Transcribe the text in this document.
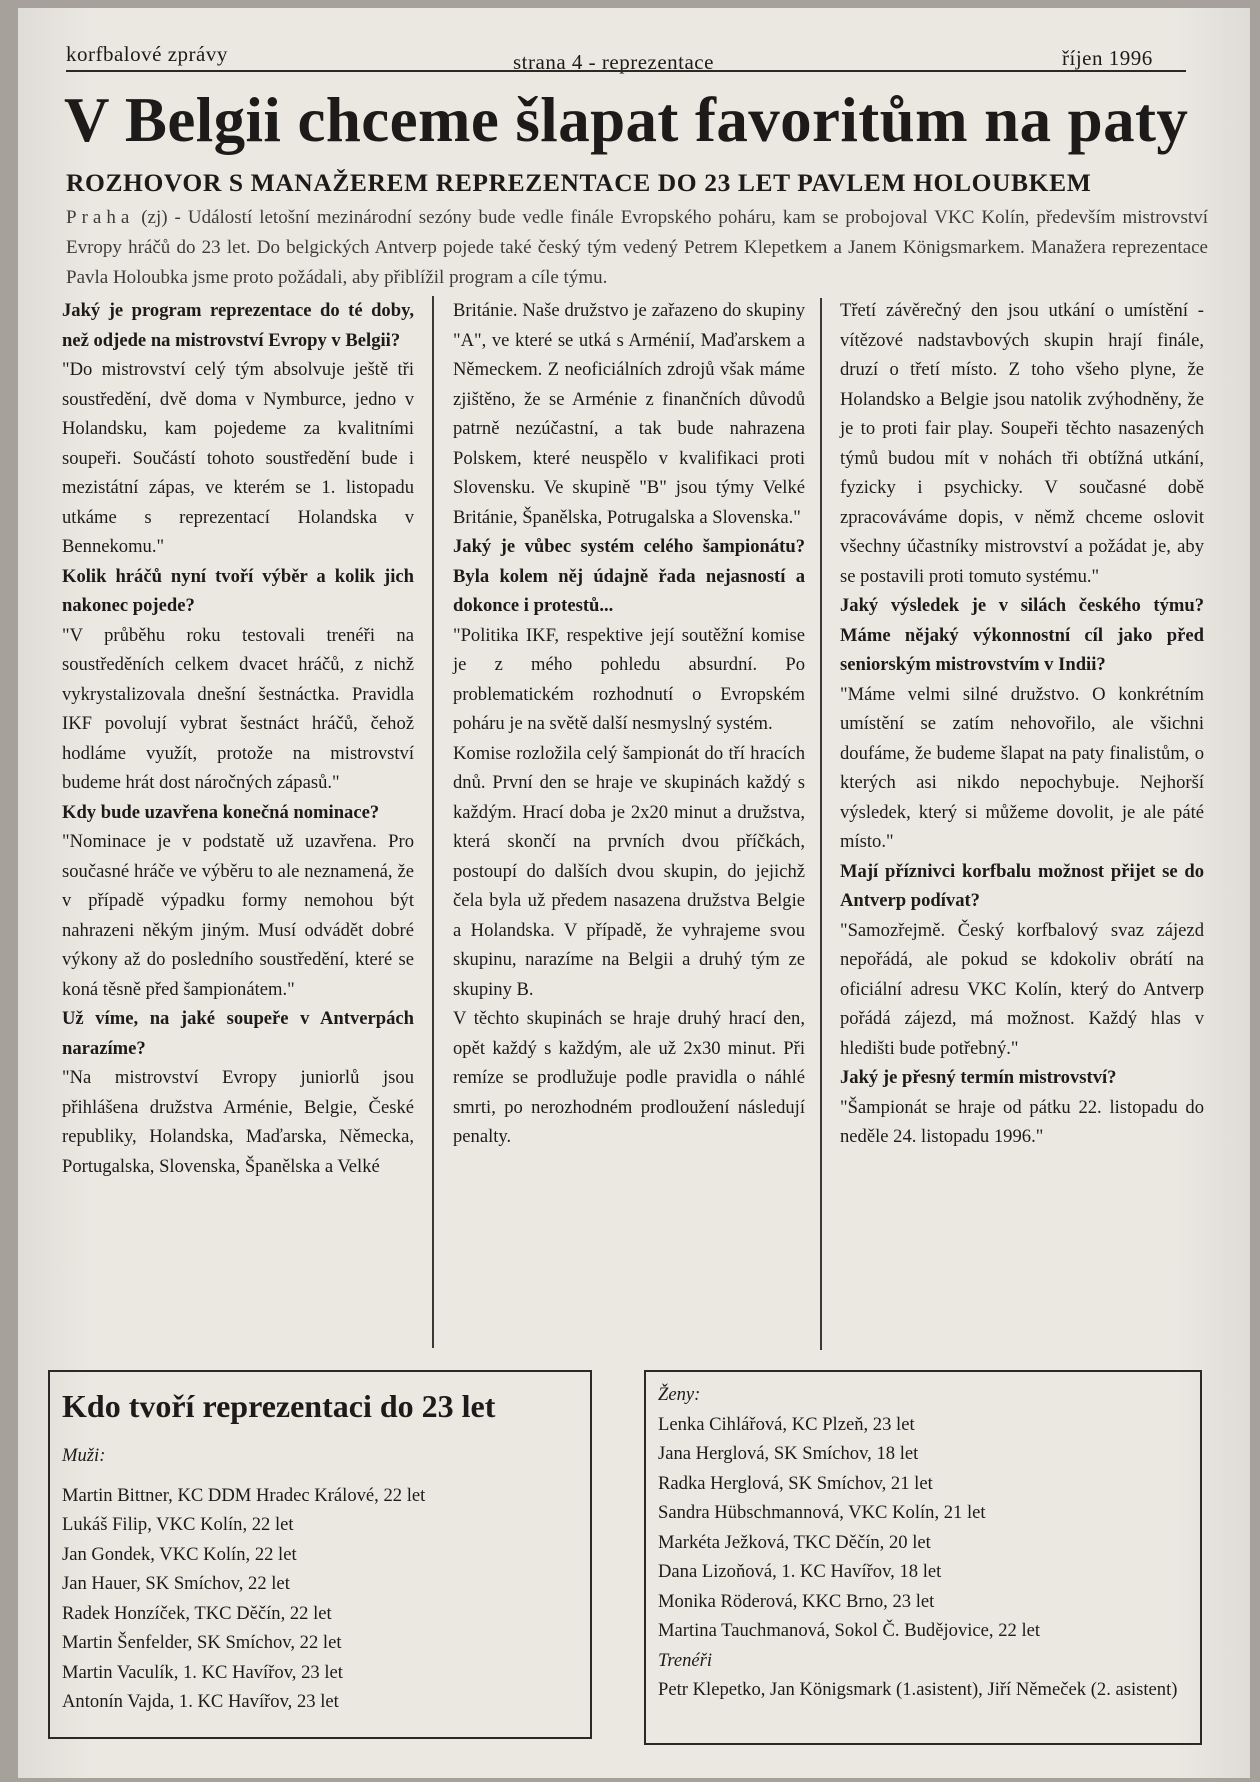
korfbalové zprávy	strana 4 - reprezentace	říjen 1996
V Belgii chceme šlapat favoritům na paty
ROZHOVOR S MANAŽEREM REPREZENTACE DO 23 LET PAVLEM HOLOUBKEM
Praha (zj) - Událostí letošní mezinárodní sezóny bude vedle finále Evropského poháru, kam se probojoval VKC Kolín, především mistrovství Evropy hráčů do 23 let. Do belgických Antverp pojede také český tým vedený Petrem Klepetkem a Janem Königsmarkem. Manažera reprezentace Pavla Holoubka jsme proto požádali, aby přiblížil program a cíle týmu.

Jaký je program reprezentace do té doby, než odjede na mistrovství Evropy v Belgii?

"Do mistrovství celý tým absolvuje ještě tři soustředění, dvě doma v Nymburce, jedno v Holandsku, kam pojedeme za kvalitními soupeři. Součástí tohoto soustředění bude i mezistátní zápas, ve kterém se 1. listopadu utkáme s reprezentací Holandska v Bennekomu."

Kolik hráčů nyní tvoří výběr a kolik jich nakonec pojede?

"V průběhu roku testovali trenéři na soustředěních celkem dvacet hráčů, z nichž vykrystalizovala dnešní šestnáctka. Pravidla IKF povolují vybrat šestnáct hráčů, čehož hodláme využít, protože na mistrovství budeme hrát dost náročných zápasů."

Kdy bude uzavřena konečná nominace?

"Nominace je v podstatě už uzavřena. Pro současné hráče ve výběru to ale neznamená, že v případě výpadku formy nemohou být nahrazeni někým jiným. Musí odvádět dobré výkony až do posledního soustředění, které se koná těsně před šampionátem."

Už víme, na jaké soupeře v Antverpách narazíme?

"Na mistrovství Evropy juniorlů jsou přihlášena družstva Arménie, Belgie, České republiky, Holandska, Maďarska, Německa, Portugalska, Slovenska, Španělska a Velké

Británie. Naše družstvo je zařazeno do skupiny "A", ve které se utká s Arménií, Maďarskem a Německem. Z neoficiálních zdrojů však máme zjištěno, že se Arménie z finančních důvodů patrně nezúčastní, a tak bude nahrazena Polskem, které neuspělo v kvalifikaci proti Slovensku. Ve skupině "B" jsou týmy Velké Británie, Španělska, Potrugalska a Slovenska."

Jaký je vůbec systém celého šampionátu? Byla kolem něj údajně řada nejasností a dokonce i protestů...

"Politika IKF, respektive její soutěžní komise je z mého pohledu absurdní. Po problematickém rozhodnutí o Evropském poháru je na světě další nesmyslný systém.

Komise rozložila celý šampionát do tří hracích dnů. První den se hraje ve skupinách každý s každým. Hrací doba je 2x20 minut a družstva, která skončí na prvních dvou příčkách, postoupí do dalších dvou skupin, do jejichž čela byla už předem nasazena družstva Belgie a Holandska. V případě, že vyhrajeme svou skupinu, narazíme na Belgii a druhý tým ze skupiny B.

V těchto skupinách se hraje druhý hrací den, opět každý s každým, ale už 2x30 minut. Při remíze se prodlužuje podle pravidla o náhlé smrti, po nerozhodném prodloužení následují penalty.

Třetí závěrečný den jsou utkání o umístění - vítězové nadstavbových skupin hrají finále, druzí o třetí místo. Z toho všeho plyne, že Holandsko a Belgie jsou natolik zvýhodněny, že je to proti fair play. Soupeři těchto nasazených týmů budou mít v nohách tři obtížná utkání, fyzicky i psychicky. V současné době zpracováváme dopis, v němž chceme oslovit všechny účastníky mistrovství a požádat je, aby se postavili proti tomuto systému."

Jaký výsledek je v silách českého týmu? Máme nějaký výkonnostní cíl jako před seniorským mistrovstvím v Indii?

"Máme velmi silné družstvo. O konkrétním umístění se zatím nehovořilo, ale všichni doufáme, že budeme šlapat na paty finalistům, o kterých asi nikdo nepochybuje. Nejhorší výsledek, který si můžeme dovolit, je ale páté místo."

Mají příznivci korfbalu možnost přijet se do Antverp podívat?

"Samozřejmě. Český korfbalový svaz zájezd nepořádá, ale pokud se kdokoliv obrátí na oficiální adresu VKC Kolín, který do Antverp pořádá zájezd, má možnost. Každý hlas v hledišti bude potřebný."

Jaký je přesný termín mistrovství?

"Šampionát se hraje od pátku 22. listopadu do neděle 24. listopadu 1996."

Kdo tvoří reprezentaci do 23 let
Muži:
Martin Bittner, KC DDM Hradec Králové, 22 let
Lukáš Filip, VKC Kolín, 22 let
Jan Gondek, VKC Kolín, 22 let
Jan Hauer, SK Smíchov, 22 let
Radek Honzíček, TKC Děčín, 22 let
Martin Šenfelder, SK Smíchov, 22 let
Martin Vaculík, 1. KC Havířov, 23 let
Antonín Vajda, 1. KC Havířov, 23 let
Ženy:
Lenka Cihlářová, KC Plzeň, 23 let
Jana Herglová, SK Smíchov, 18 let
Radka Herglová, SK Smíchov, 21 let
Sandra Hübschmannová, VKC Kolín, 21 let
Markéta Ježková, TKC Děčín, 20 let
Dana Lizoňová, 1. KC Havířov, 18 let
Monika Röderová, KKC Brno, 23 let
Martina Tauchmanová, Sokol Č. Budějovice, 22 let
Trenéři
Petr Klepetko, Jan Königsmark (1.asistent), Jiří Němeček (2. asistent)
